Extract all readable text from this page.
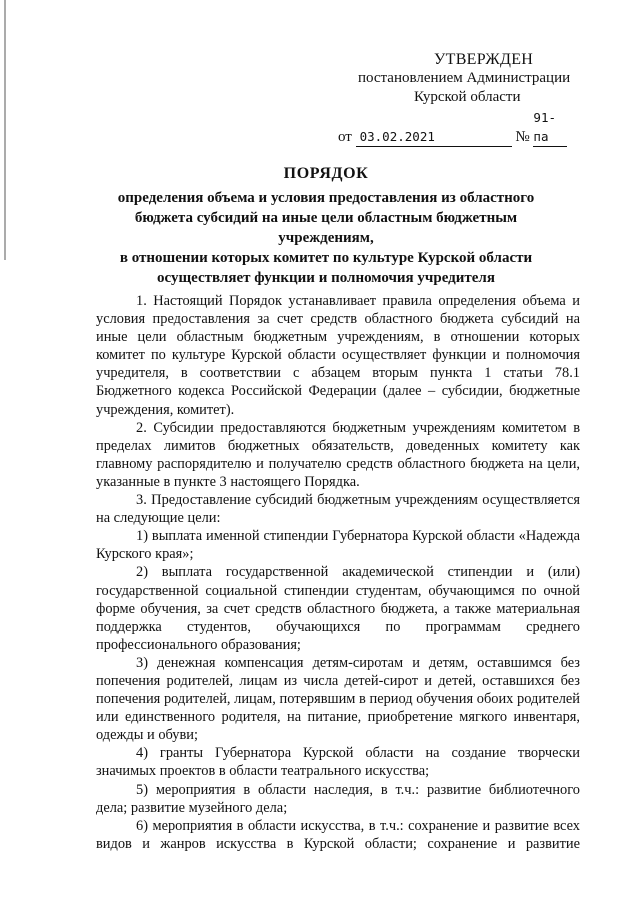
УТВЕРЖДЕН
постановлением Администрации
Курской области
от 03.02.2021	№ 91-па
ПОРЯДОК
определения объема и условия предоставления из областного
бюджета субсидий на иные цели областным бюджетным учреждениям,
в отношении которых комитет по культуре Курской области
осуществляет функции и полномочия учредителя

1. Настоящий Порядок устанавливает правила определения объема и условия предоставления за счет средств областного бюджета субсидий на иные цели областным бюджетным учреждениям, в отношении которых комитет по культуре Курской области осуществляет функции и полномочия учредителя, в соответствии с абзацем вторым пункта 1 статьи 78.1 Бюджетного кодекса Российской Федерации (далее – субсидии, бюджетные учреждения, комитет).

2. Субсидии предоставляются бюджетным учреждениям комитетом в пределах лимитов бюджетных обязательств, доведенных комитету как главному распорядителю и получателю средств областного бюджета на цели, указанные в пункте 3 настоящего Порядка.

3. Предоставление субсидий бюджетным учреждениям осуществляется на следующие цели:

1) выплата именной стипендии Губернатора Курской области «Надежда Курского края»;

2) выплата государственной академической стипендии и (или) государственной социальной стипендии студентам, обучающимся по очной форме обучения, за счет средств областного бюджета, а также материальная поддержка студентов, обучающихся по программам среднего профессионального образования;

3) денежная компенсация детям-сиротам и детям, оставшимся без попечения родителей, лицам из числа детей-сирот и детей, оставшихся без попечения родителей, лицам, потерявшим в период обучения обоих родителей или единственного родителя, на питание, приобретение мягкого инвентаря, одежды и обуви;

4) гранты Губернатора Курской области на создание творчески значимых проектов в области театрального искусства;

5) мероприятия в области наследия, в т.ч.: развитие библиотечного дела; развитие музейного дела;

6) мероприятия в области искусства, в т.ч.: сохранение и развитие всех видов и жанров искусства в Курской области; сохранение и развитие
